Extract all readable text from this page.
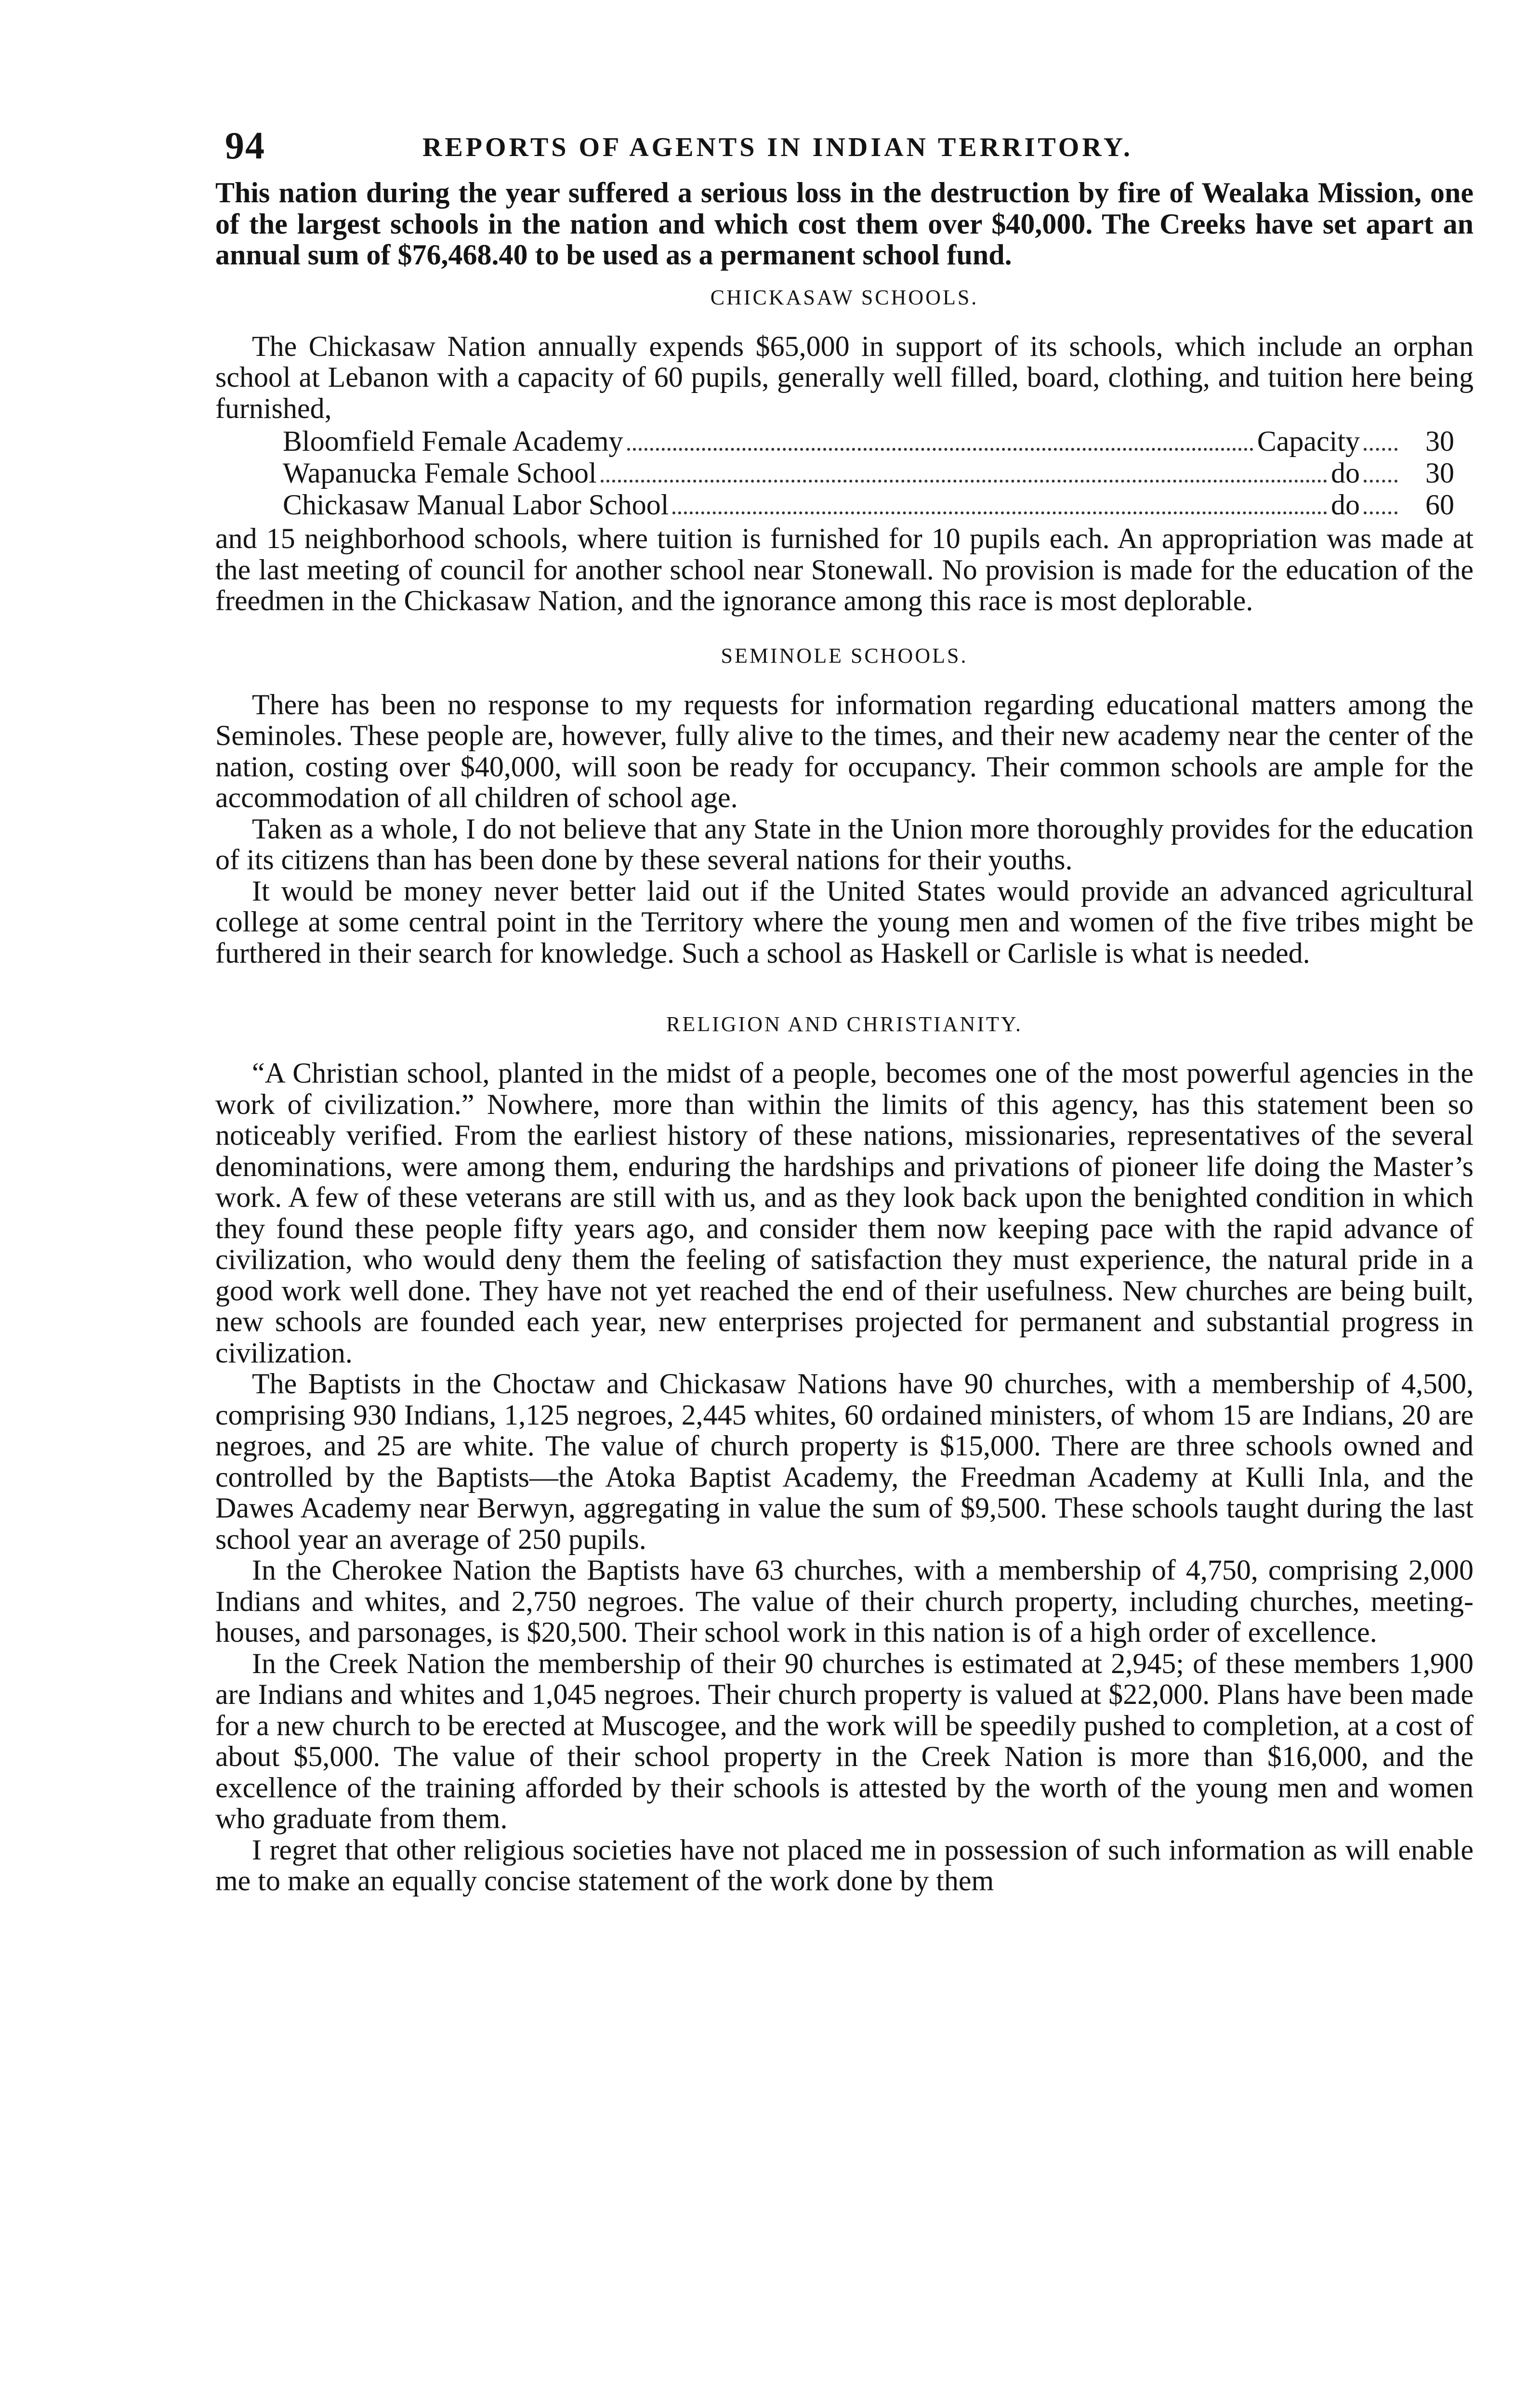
94	REPORTS OF AGENTS IN INDIAN TERRITORY.

This nation during the year suffered a serious loss in the destruction by fire of Wealaka Mission, one of the largest schools in the nation and which cost them over $40,000. The Creeks have set apart an annual sum of $76,468.40 to be used as a permanent school fund.

CHICKASAW SCHOOLS.

The Chickasaw Nation annually expends $65,000 in support of its schools, which include an orphan school at Lebanon with a capacity of 60 pupils, generally well filled, board, clothing, and tuition here being furnished,

Bloomfield Female Academy	Capacity	30
Wapanucka Female School	do	30
Chickasaw Manual Labor School	do	60

and 15 neighborhood schools, where tuition is furnished for 10 pupils each. An appropriation was made at the last meeting of council for another school near Stonewall. No provision is made for the education of the freedmen in the Chickasaw Nation, and the ignorance among this race is most deplorable.

SEMINOLE SCHOOLS.

There has been no response to my requests for information regarding educational matters among the Seminoles. These people are, however, fully alive to the times, and their new academy near the center of the nation, costing over $40,000, will soon be ready for occupancy. Their common schools are ample for the accommodation of all children of school age.

Taken as a whole, I do not believe that any State in the Union more thoroughly provides for the education of its citizens than has been done by these several nations for their youths.

It would be money never better laid out if the United States would provide an advanced agricultural college at some central point in the Territory where the young men and women of the five tribes might be furthered in their search for knowledge. Such a school as Haskell or Carlisle is what is needed.

RELIGION AND CHRISTIANITY.

“A Christian school, planted in the midst of a people, becomes one of the most powerful agencies in the work of civilization.” Nowhere, more than within the limits of this agency, has this statement been so noticeably verified. From the earliest history of these nations, missionaries, representatives of the several denominations, were among them, enduring the hardships and privations of pioneer life doing the Master’s work. A few of these veterans are still with us, and as they look back upon the benighted condition in which they found these people fifty years ago, and consider them now keeping pace with the rapid advance of civilization, who would deny them the feeling of satisfaction they must experience, the natural pride in a good work well done. They have not yet reached the end of their usefulness. New churches are being built, new schools are founded each year, new enterprises projected for permanent and substantial progress in civilization.

The Baptists in the Choctaw and Chickasaw Nations have 90 churches, with a membership of 4,500, comprising 930 Indians, 1,125 negroes, 2,445 whites, 60 ordained ministers, of whom 15 are Indians, 20 are negroes, and 25 are white. The value of church property is $15,000. There are three schools owned and controlled by the Baptists—the Atoka Baptist Academy, the Freedman Academy at Kulli Inla, and the Dawes Academy near Berwyn, aggregating in value the sum of $9,500. These schools taught during the last school year an average of 250 pupils.

In the Cherokee Nation the Baptists have 63 churches, with a membership of 4,750, comprising 2,000 Indians and whites, and 2,750 negroes. The value of their church property, including churches, meeting-houses, and parsonages, is $20,500. Their school work in this nation is of a high order of excellence.

In the Creek Nation the membership of their 90 churches is estimated at 2,945; of these members 1,900 are Indians and whites and 1,045 negroes. Their church property is valued at $22,000. Plans have been made for a new church to be erected at Muscogee, and the work will be speedily pushed to completion, at a cost of about $5,000. The value of their school property in the Creek Nation is more than $16,000, and the excellence of the training afforded by their schools is attested by the worth of the young men and women who graduate from them.

I regret that other religious societies have not placed me in possession of such information as will enable me to make an equally concise statement of the work done by them
